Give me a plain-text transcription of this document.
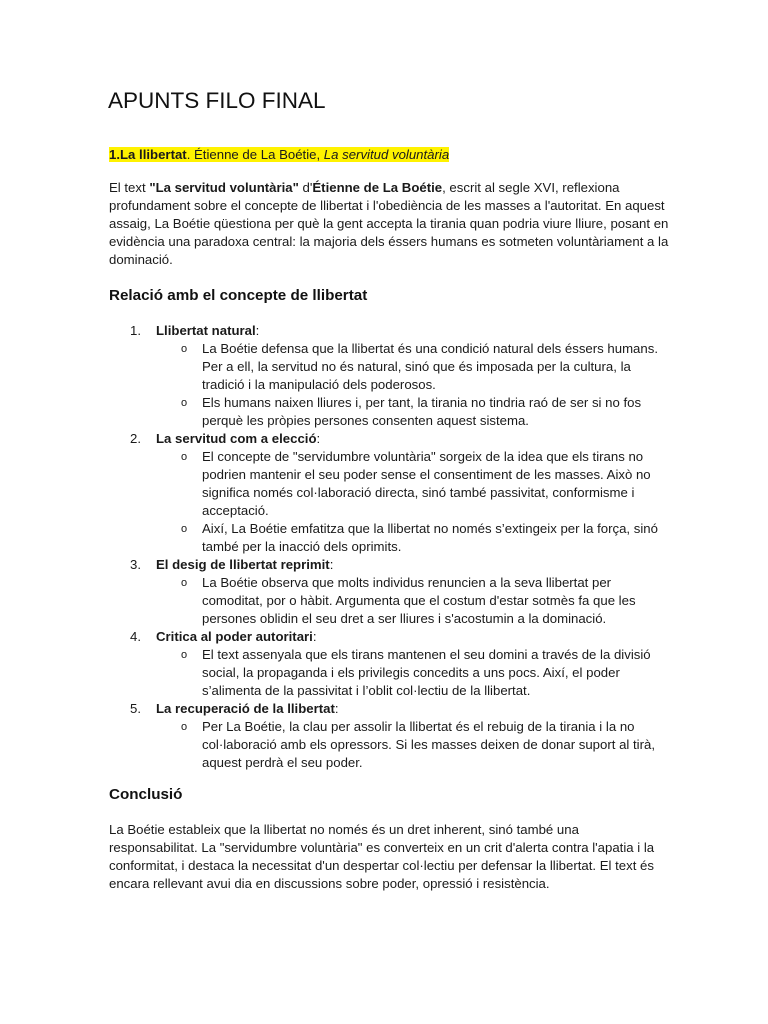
APUNTS FILO FINAL
1.La llibertat. Étienne de La Boétie, La servitud voluntària

El text "La servitud voluntària" d'Étienne de La Boétie, escrit al segle XVI, reflexiona profundament sobre el concepte de llibertat i l'obediència de les masses a l'autoritat. En aquest assaig, La Boétie qüestiona per què la gent accepta la tirania quan podria viure lliure, posant en evidència una paradoxa central: la majoria dels éssers humans es sotmeten voluntàriament a la dominació.

Relació amb el concepte de llibertat
1. Llibertat natural:
o La Boétie defensa que la llibertat és una condició natural dels éssers humans. Per a ell, la servitud no és natural, sinó que és imposada per la cultura, la tradició i la manipulació dels poderosos.
o Els humans naixen lliures i, per tant, la tirania no tindria raó de ser si no fos perquè les pròpies persones consenten aquest sistema.
2. La servitud com a elecció:
o El concepte de "servidumbre voluntària" sorgeix de la idea que els tirans no podrien mantenir el seu poder sense el consentiment de les masses. Això no significa només col·laboració directa, sinó també passivitat, conformisme i acceptació.
o Així, La Boétie emfatitza que la llibertat no només s’extingeix per la força, sinó també per la inacció dels oprimits.
3. El desig de llibertat reprimit:
o La Boétie observa que molts individus renuncien a la seva llibertat per comoditat, por o hàbit. Argumenta que el costum d'estar sotmès fa que les persones oblidin el seu dret a ser lliures i s'acostumin a la dominació.
4. Critica al poder autoritari:
o El text assenyala que els tirans mantenen el seu domini a través de la divisió social, la propaganda i els privilegis concedits a uns pocs. Així, el poder s’alimenta de la passivitat i l’oblit col·lectiu de la llibertat.
5. La recuperació de la llibertat:
o Per La Boétie, la clau per assolir la llibertat és el rebuig de la tirania i la no col·laboració amb els opressors. Si les masses deixen de donar suport al tirà, aquest perdrà el seu poder.
Conclusió

La Boétie estableix que la llibertat no només és un dret inherent, sinó també una responsabilitat. La "servidumbre voluntària" es converteix en un crit d'alerta contra l'apatia i la conformitat, i destaca la necessitat d'un despertar col·lectiu per defensar la llibertat. El text és encara rellevant avui dia en discussions sobre poder, opressió i resistència.
